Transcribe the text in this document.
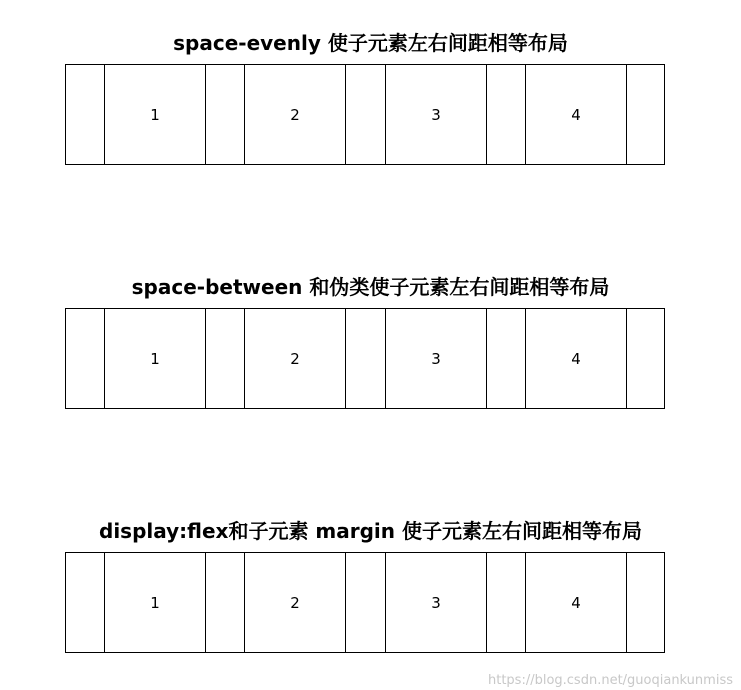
space-evenly 使子元素左右间距相等布局
1	2	3	4
space-between 和伪类使子元素左右间距相等布局
1	2	3	4
display:flex和子元素 margin 使子元素左右间距相等布局
1	2	3	4
https://blog.csdn.net/guoqiankunmiss
